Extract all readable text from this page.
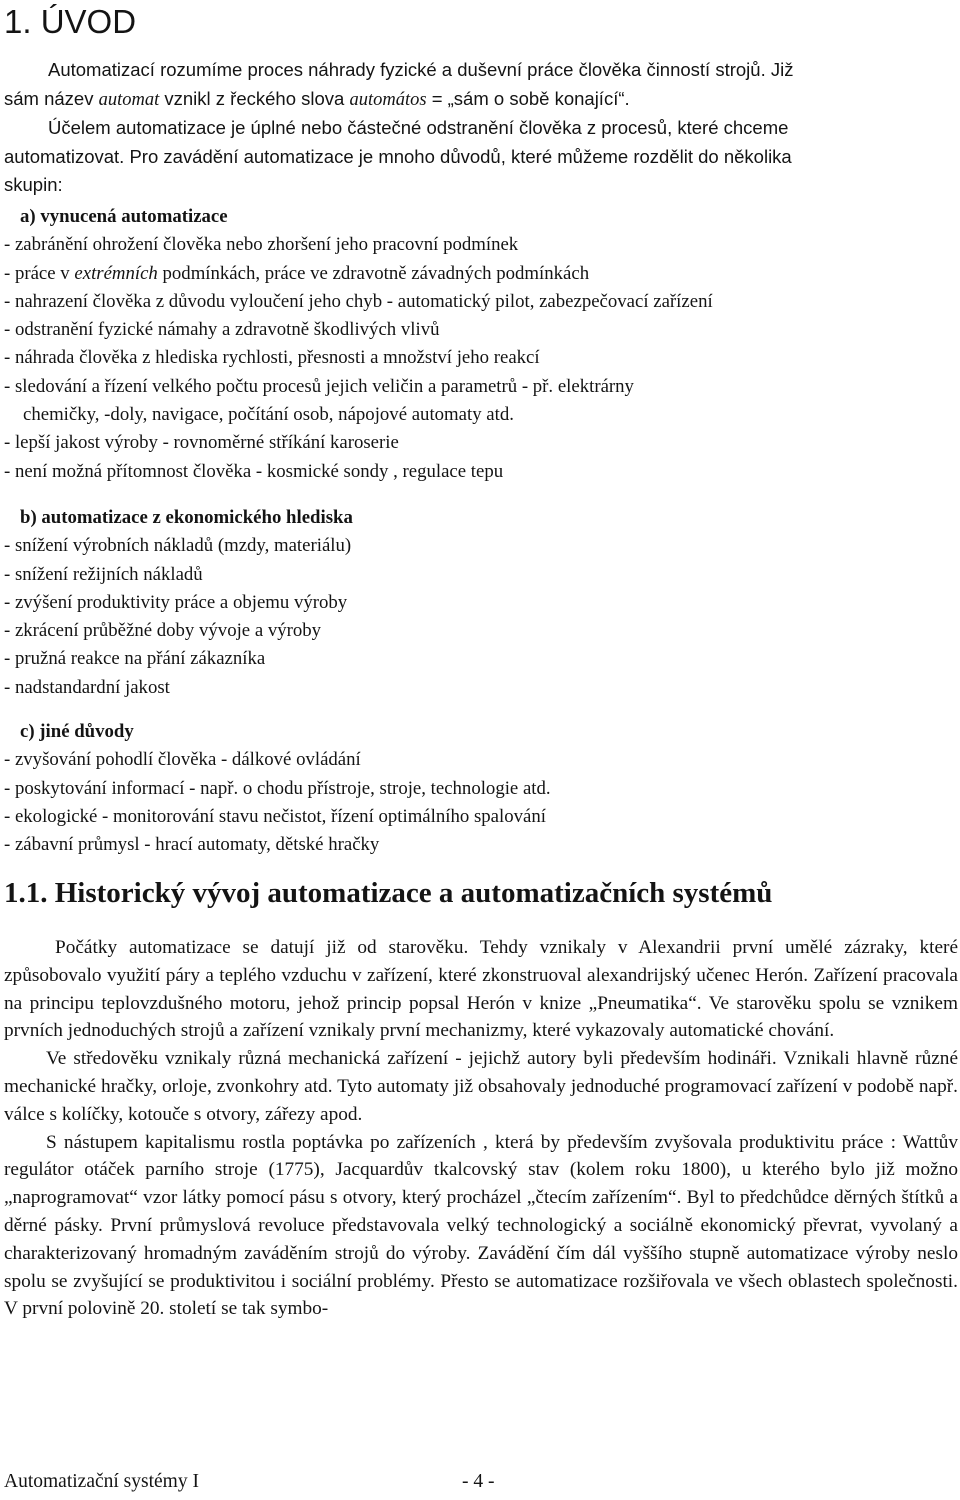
1. ÚVOD
Automatizací rozumíme proces náhrady fyzické a duševní práce člověka činností strojů. Již
sám název automat vznikl z řeckého slova automátos = „sám o sobě konající“.
Účelem automatizace je úplné nebo částečné odstranění člověka z procesů, které chceme
automatizovat. Pro zavádění automatizace je mnoho důvodů, které můžeme rozdělit do několika
skupin:
a) vynucená automatizace
- zabránění ohrožení člověka nebo zhoršení jeho pracovní podmínek
- práce v extrémních podmínkách, práce ve zdravotně závadných podmínkách
- nahrazení člověka z důvodu vyloučení jeho chyb - automatický pilot, zabezpečovací zařízení
- odstranění fyzické námahy a zdravotně škodlivých vlivů
- náhrada člověka z hlediska rychlosti, přesnosti a množství jeho reakcí
- sledování a řízení velkého počtu procesů jejich veličin a parametrů - př. elektrárny
chemičky, -doly, navigace, počítání osob, nápojové automaty atd.
- lepší jakost výroby - rovnoměrné stříkání karoserie
- není možná přítomnost člověka - kosmické sondy , regulace tepu
b) automatizace z ekonomického hlediska
- snížení výrobních nákladů (mzdy, materiálu)
- snížení režijních nákladů
- zvýšení produktivity práce a objemu výroby
- zkrácení průběžné doby vývoje a výroby
- pružná reakce na přání zákazníka
- nadstandardní jakost
c) jiné důvody
- zvyšování pohodlí člověka - dálkové ovládání
- poskytování informací - např. o chodu přístroje, stroje, technologie atd.
- ekologické - monitorování stavu nečistot, řízení optimálního spalování
- zábavní průmysl - hrací automaty, dětské hračky
1.1. Historický vývoj automatizace a automatizačních systémů

Počátky automatizace se datují již od starověku. Tehdy vznikaly v Alexandrii první umělé zázraky, které způsobovalo využití páry a teplého vzduchu v zařízení, které zkonstruoval alexandrijský učenec Herón. Zařízení pracovala na principu teplovzdušného motoru, jehož princip popsal Herón v knize „Pneumatika“. Ve starověku spolu se vznikem prvních jednoduchých strojů a zařízení vznikaly první mechanizmy, které vykazovaly automatické chování.

Ve středověku vznikaly různá mechanická zařízení - jejichž autory byli především hodináři. Vznikali hlavně různé mechanické hračky, orloje, zvonkohry atd. Tyto automaty již obsahovaly jednoduché programovací zařízení v podobě např. válce s kolíčky, kotouče s otvory, zářezy apod.

S nástupem kapitalismu rostla poptávka po zařízeních , která by především zvyšovala produktivitu práce : Wattův regulátor otáček parního stroje (1775), Jacquardův tkalcovský stav (kolem roku 1800), u kterého bylo již možno „naprogramovat“ vzor látky pomocí pásu s otvory, který procházel „čtecím zařízením“. Byl to předchůdce děrných štítků a děrné pásky. První průmyslová revoluce představovala velký technologický a sociálně ekonomický převrat, vyvolaný a charakterizovaný hromadným zaváděním strojů do výroby. Zavádění čím dál vyššího stupně automatizace výroby neslo spolu se zvyšující se produktivitou i sociální problémy. Přesto se automatizace rozšiřovala ve všech oblastech společnosti. V první polovině 20. století se tak symbo-

Automatizační systémy I	- 4 -
